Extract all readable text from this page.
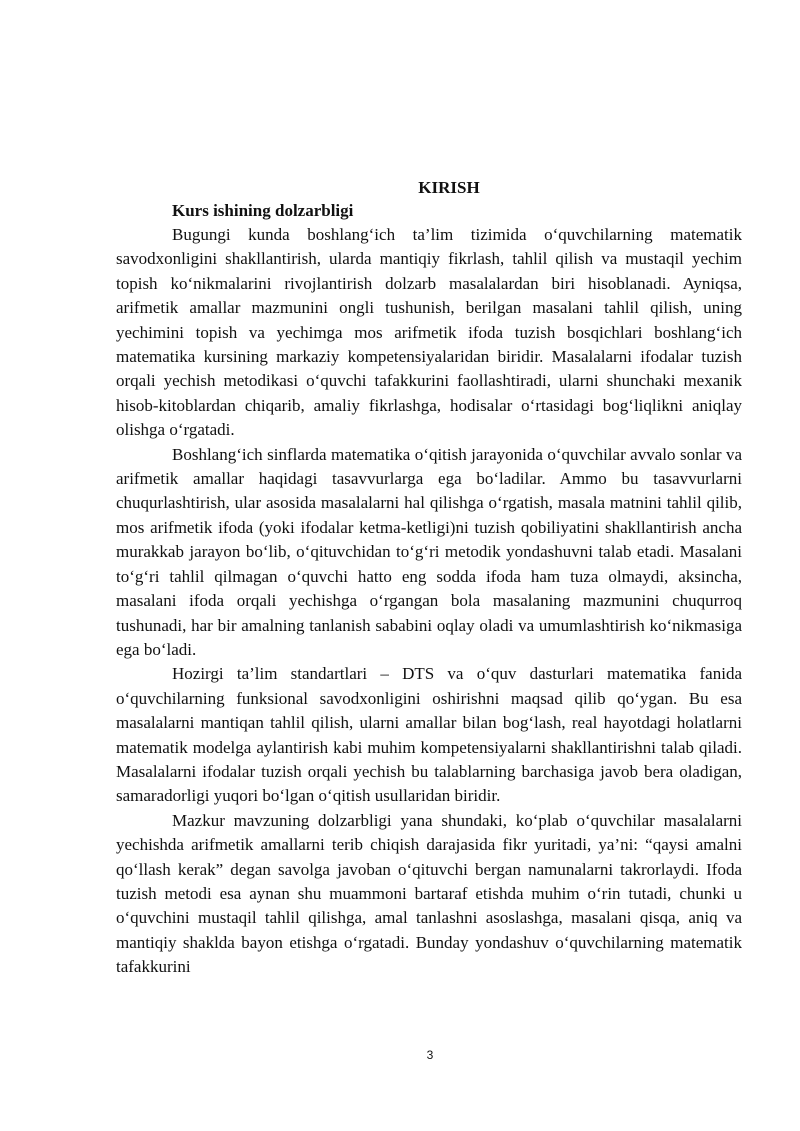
KIRISH

Kurs ishining dolzarbligi

Bugungi kunda boshlang‘ich ta’lim tizimida o‘quvchilarning matematik savodxonligini shakllantirish, ularda mantiqiy fikrlash, tahlil qilish va mustaqil yechim topish ko‘nikmalarini rivojlantirish dolzarb masalalardan biri hisoblanadi. Ayniqsa, arifmetik amallar mazmunini ongli tushunish, berilgan masalani tahlil qilish, uning yechimini topish va yechimga mos arifmetik ifoda tuzish bosqichlari boshlang‘ich matematika kursining markaziy kompetensiyalaridan biridir. Masalalarni ifodalar tuzish orqali yechish metodikasi o‘quvchi tafakkurini faollashtiradi, ularni shunchaki mexanik hisob-kitoblardan chiqarib, amaliy fikrlashga, hodisalar o‘rtasidagi bog‘liqlikni aniqlay olishga o‘rgatadi.

Boshlang‘ich sinflarda matematika o‘qitish jarayonida o‘quvchilar avvalo sonlar va arifmetik amallar haqidagi tasavvurlarga ega bo‘ladilar. Ammo bu tasavvurlarni chuqurlashtirish, ular asosida masalalarni hal qilishga o‘rgatish, masala matnini tahlil qilib, mos arifmetik ifoda (yoki ifodalar ketma-ketligi)ni tuzish qobiliyatini shakllantirish ancha murakkab jarayon bo‘lib, o‘qituvchidan to‘g‘ri metodik yondashuvni talab etadi. Masalani to‘g‘ri tahlil qilmagan o‘quvchi hatto eng sodda ifoda ham tuza olmaydi, aksincha, masalani ifoda orqali yechishga o‘rgangan bola masalaning mazmunini chuqurroq tushunadi, har bir amalning tanlanish sababini oqlay oladi va umumlashtirish ko‘nikmasiga ega bo‘ladi.

Hozirgi ta’lim standartlari – DTS va o‘quv dasturlari matematika fanida o‘quvchilarning funksional savodxonligini oshirishni maqsad qilib qo‘ygan. Bu esa masalalarni mantiqan tahlil qilish, ularni amallar bilan bog‘lash, real hayotdagi holatlarni matematik modelga aylantirish kabi muhim kompetensiyalarni shakllantirishni talab qiladi. Masalalarni ifodalar tuzish orqali yechish bu talablarning barchasiga javob bera oladigan, samaradorligi yuqori bo‘lgan o‘qitish usullaridan biridir.

Mazkur mavzuning dolzarbligi yana shundaki, ko‘plab o‘quvchilar masalalarni yechishda arifmetik amallarni terib chiqish darajasida fikr yuritadi, ya’ni: “qaysi amalni qo‘llash kerak” degan savolga javoban o‘qituvchi bergan namunalarni takrorlaydi. Ifoda tuzish metodi esa aynan shu muammoni bartaraf etishda muhim o‘rin tutadi, chunki u o‘quvchini mustaqil tahlil qilishga, amal tanlashni asoslashga, masalani qisqa, aniq va mantiqiy shaklda bayon etishga o‘rgatadi. Bunday yondashuv o‘quvchilarning matematik tafakkurini

3
